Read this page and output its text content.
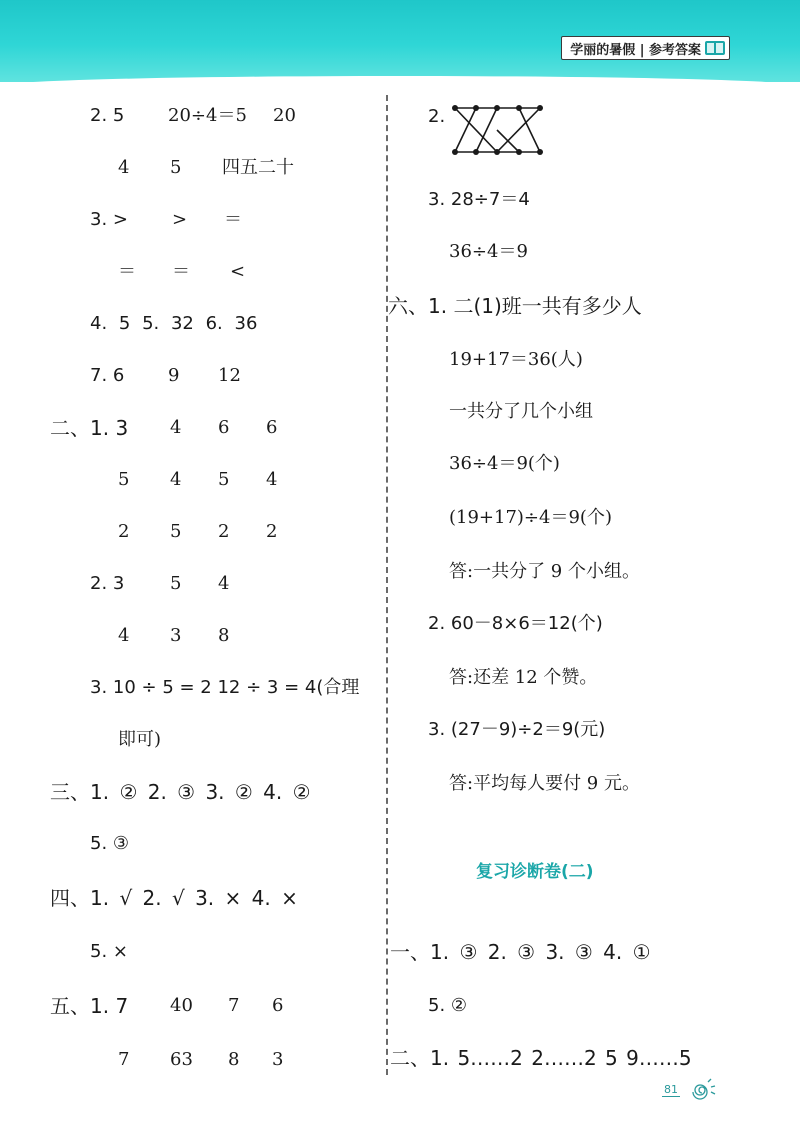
学丽的暑假 | 参考答案
2. 5 20÷4＝5 20
4 5 四五二十
3. > > ＝
＝ ＝ <
4. 5 5. 32 6. 36
7. 6 9 12
二、1. 3 4 6 6
5 4 5 4
2 5 2 2
2. 3	5 4
4 3 8
3. 10 ÷ 5 = 2 12 ÷ 3 = 4(合理
即可)
三、1. ② 2. ③ 3. ② 4. ②
5. ③
四、1. √ 2. √ 3. × 4. ×
5. ×
五、1. 7 40 7 6
7 63 8 3
2.
3. 28÷7＝4
36÷4＝9
六、1. 二(1)班一共有多少人
19+17＝36(人)
一共分了几个小组
36÷4＝9(个)
(19+17)÷4＝9(个)
答:一共分了 9 个小组。
2. 60－8×6＝12(个)
答:还差 12 个赞。
3. (27－9)÷2＝9(元)
答:平均每人要付 9 元。
复习诊断卷(二)
一、1. ③ 2. ③ 3. ③ 4. ①
5. ②
二、1. 5……2 2……2 5 9……5
81
